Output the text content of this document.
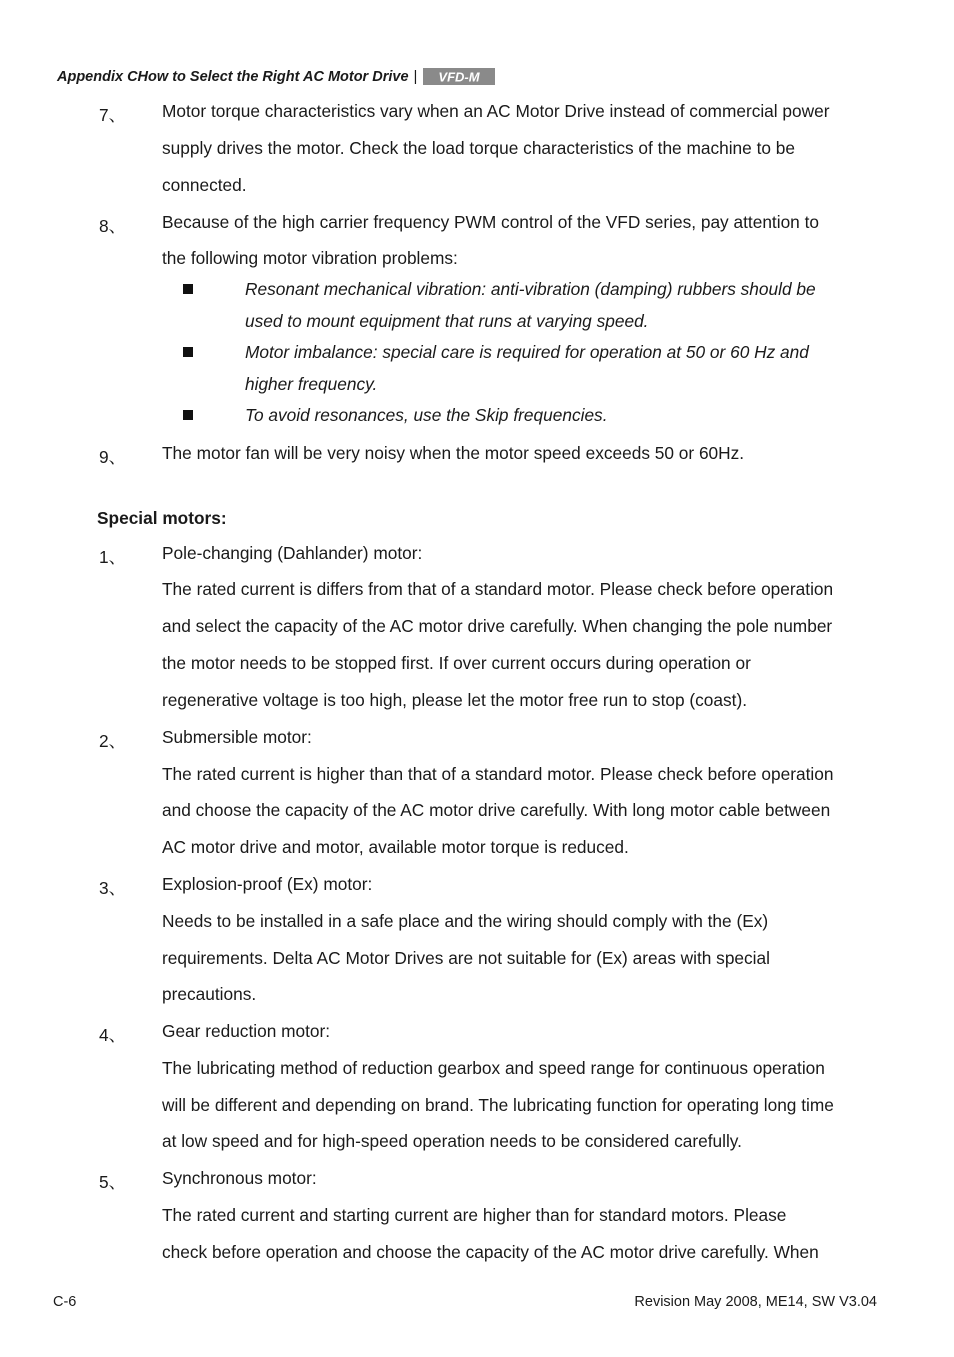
Appendix CHow to Select the Right AC Motor Drive | VFD-M
7、 Motor torque characteristics vary when an AC Motor Drive instead of commercial power
supply drives the motor. Check the load torque characteristics of the machine to be
connected.
8、 Because of the high carrier frequency PWM control of the VFD series, pay attention to
the following motor vibration problems:
Resonant mechanical vibration: anti-vibration (damping) rubbers should be
used to mount equipment that runs at varying speed.
Motor imbalance: special care is required for operation at 50 or 60 Hz and
higher frequency.
To avoid resonances, use the Skip frequencies.
9、 The motor fan will be very noisy when the motor speed exceeds 50 or 60Hz.
Special motors:
1、 Pole-changing (Dahlander) motor:
The rated current is differs from that of a standard motor. Please check before operation
and select the capacity of the AC motor drive carefully. When changing the pole number
the motor needs to be stopped first. If over current occurs during operation or
regenerative voltage is too high, please let the motor free run to stop (coast).
2、 Submersible motor:
The rated current is higher than that of a standard motor. Please check before operation
and choose the capacity of the AC motor drive carefully. With long motor cable between
AC motor drive and motor, available motor torque is reduced.
3、 Explosion-proof (Ex) motor:
Needs to be installed in a safe place and the wiring should comply with the (Ex)
requirements. Delta AC Motor Drives are not suitable for (Ex) areas with special
precautions.
4、 Gear reduction motor:
The lubricating method of reduction gearbox and speed range for continuous operation
will be different and depending on brand. The lubricating function for operating long time
at low speed and for high-speed operation needs to be considered carefully.
5、 Synchronous motor:
The rated current and starting current are higher than for standard motors. Please
check before operation and choose the capacity of the AC motor drive carefully. When
C-6	Revision May 2008, ME14, SW V3.04
